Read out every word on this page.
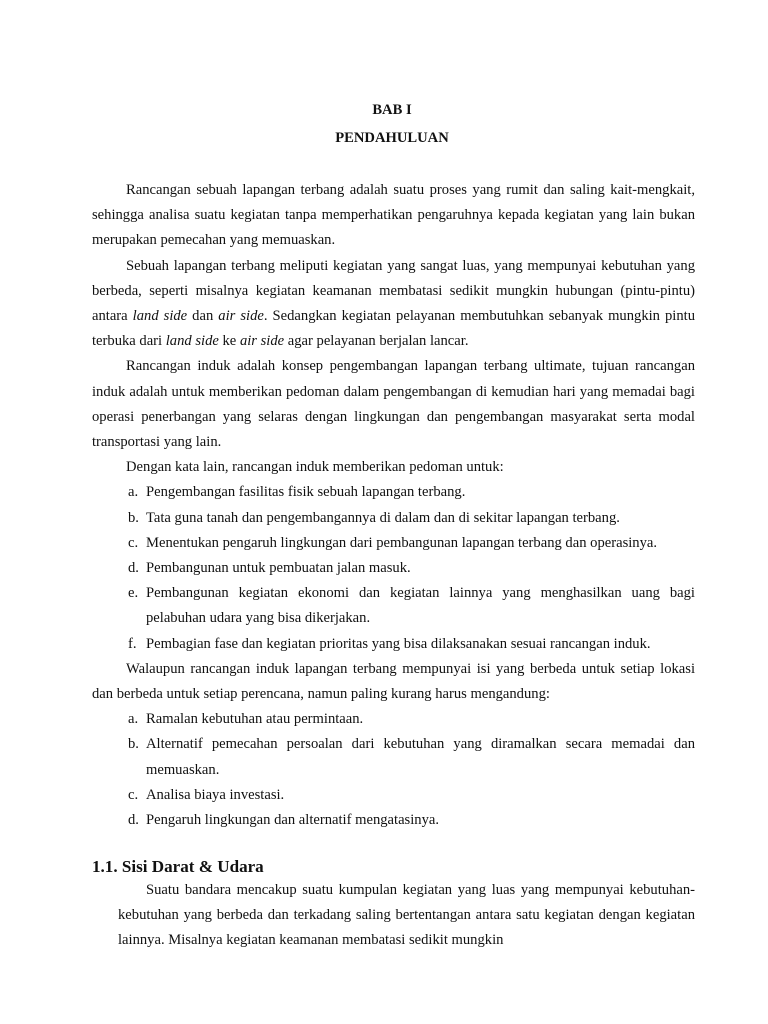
BAB I
PENDAHULUAN

Rancangan sebuah lapangan terbang adalah suatu proses yang rumit dan saling kait-mengkait, sehingga analisa suatu kegiatan tanpa memperhatikan pengaruhnya kepada kegiatan yang lain bukan merupakan pemecahan yang memuaskan.

Sebuah lapangan terbang meliputi kegiatan yang sangat luas, yang mempunyai kebutuhan yang berbeda, seperti misalnya kegiatan keamanan membatasi sedikit mungkin hubungan (pintu-pintu) antara land side dan air side. Sedangkan kegiatan pelayanan membutuhkan sebanyak mungkin pintu terbuka dari land side ke air side agar pelayanan berjalan lancar.

Rancangan induk adalah konsep pengembangan lapangan terbang ultimate, tujuan rancangan induk adalah untuk memberikan pedoman dalam pengembangan di kemudian hari yang memadai bagi operasi penerbangan yang selaras dengan lingkungan dan pengembangan masyarakat serta modal transportasi yang lain.

Dengan kata lain, rancangan induk memberikan pedoman untuk:

a. Pengembangan fasilitas fisik sebuah lapangan terbang.
b. Tata guna tanah dan pengembangannya di dalam dan di sekitar lapangan terbang.
c. Menentukan pengaruh lingkungan dari pembangunan lapangan terbang dan operasinya.
d. Pembangunan untuk pembuatan jalan masuk.
e. Pembangunan kegiatan ekonomi dan kegiatan lainnya yang menghasilkan uang bagi pelabuhan udara yang bisa dikerjakan.
f. Pembagian fase dan kegiatan prioritas yang bisa dilaksanakan sesuai rancangan induk.

Walaupun rancangan induk lapangan terbang mempunyai isi yang berbeda untuk setiap lokasi dan berbeda untuk setiap perencana, namun paling kurang harus mengandung:

a. Ramalan kebutuhan atau permintaan.
b. Alternatif pemecahan persoalan dari kebutuhan yang diramalkan secara memadai dan memuaskan.
c. Analisa biaya investasi.
d. Pengaruh lingkungan dan alternatif mengatasinya.
1.1. Sisi Darat & Udara

Suatu bandara mencakup suatu kumpulan kegiatan yang luas yang mempunyai kebutuhan-kebutuhan yang berbeda dan terkadang saling bertentangan antara satu kegiatan dengan kegiatan lainnya. Misalnya kegiatan keamanan membatasi sedikit mungkin
